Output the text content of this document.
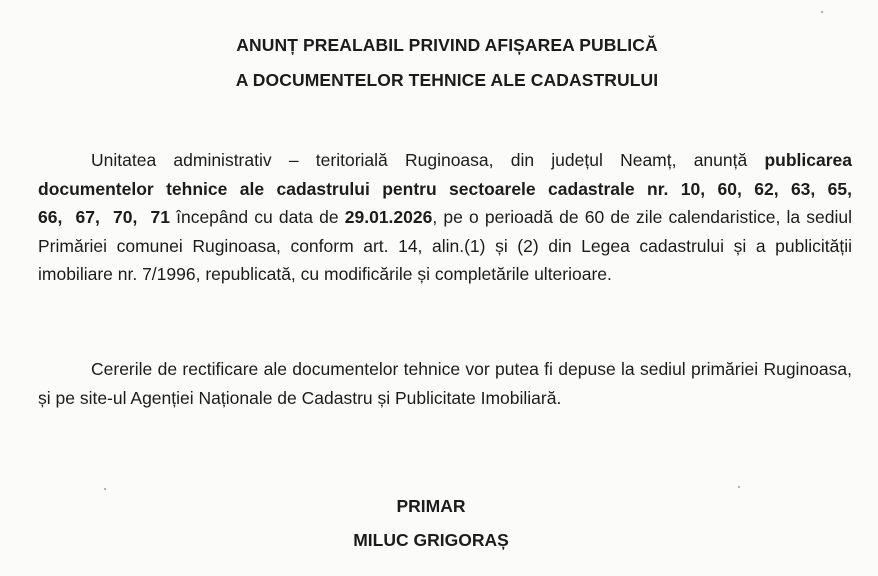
ANUNȚ PREALABIL PRIVIND AFIȘAREA PUBLICĂ
A DOCUMENTELOR TEHNICE ALE CADASTRULUI
Unitatea administrativ – teritorială Ruginoasa, din județul Neamț, anunță publicarea documentelor tehnice ale cadastrului pentru sectoarele cadastrale nr. 10, 60, 62, 63, 65, 66, 67, 70, 71 începând cu data de 29.01.2026, pe o perioadă de 60 de zile calendaristice, la sediul Primăriei comunei Ruginoasa, conform art. 14, alin.(1) și (2) din Legea cadastrului și a publicității imobiliare nr. 7/1996, republicată, cu modificările și completările ulterioare.
Cererile de rectificare ale documentelor tehnice vor putea fi depuse la sediul primăriei Ruginoasa, și pe site-ul Agenției Naționale de Cadastru și Publicitate Imobiliară.
PRIMAR
MILUC GRIGORAȘ
